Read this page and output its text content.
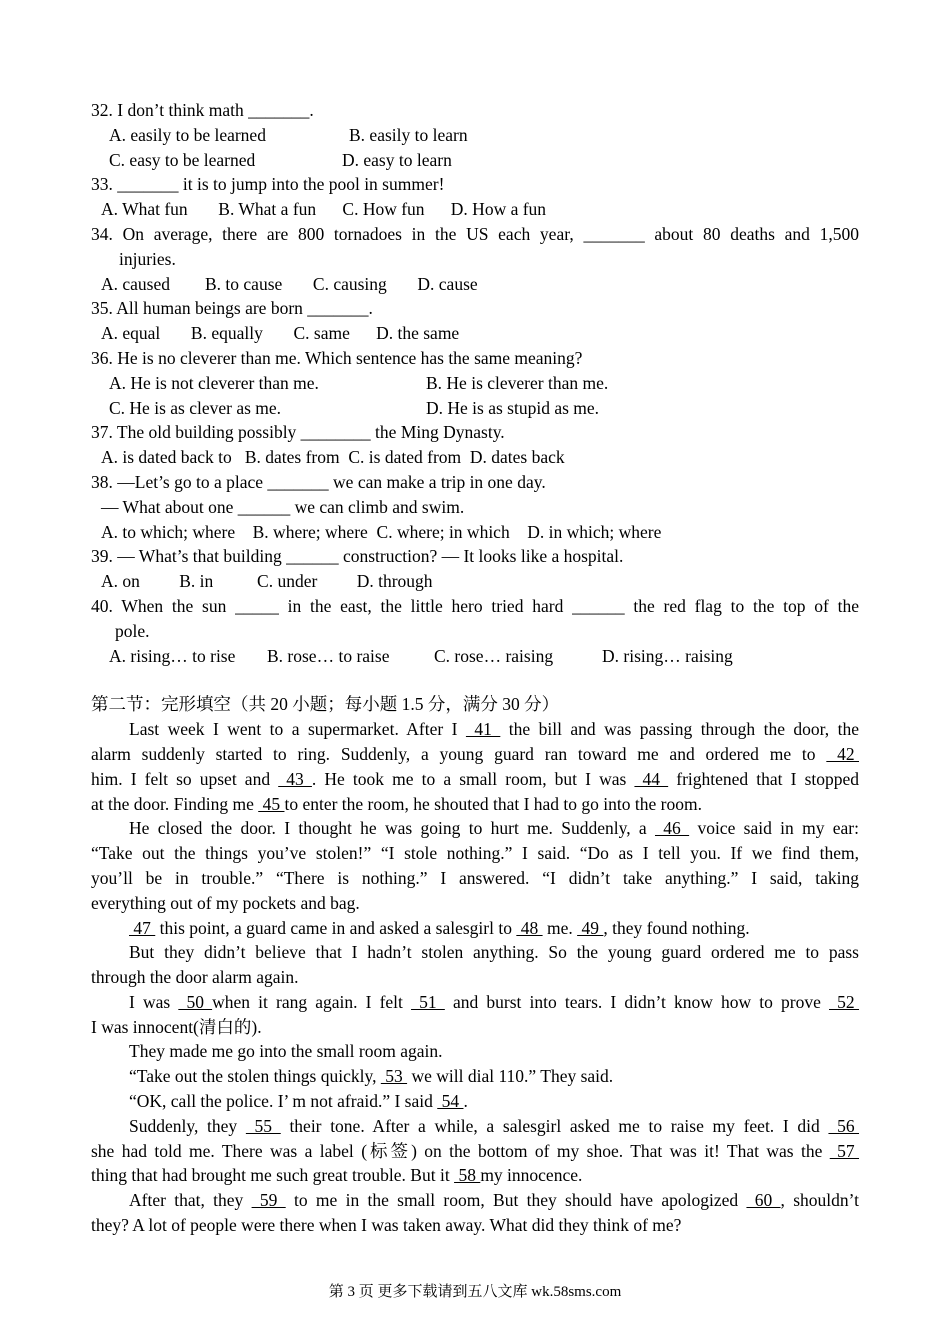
32. I don’t think math _______.
A. easily to be learned	B. easily to learn
C. easy to be learned	D. easy to learn
33. _______ it is to jump into the pool in summer!
A. What fun       B. What a fun      C. How fun      D. How a fun
34. On average, there are 800 tornadoes in the US each year, _______ about 80 deaths and 1,500
injuries.
A. caused        B. to cause       C. causing       D. cause
35. All human beings are born _______.
A. equal       B. equally       C. same      D. the same
36. He is no cleverer than me. Which sentence has the same meaning?
A. He is not cleverer than me.	B. He is cleverer than me.
C. He is as clever as me.	D. He is as stupid as me.
37. The old building possibly ________ the Ming Dynasty.
A. is dated back to   B. dates from  C. is dated from  D. dates back
38. —Let’s go to a place _______ we can make a trip in one day.
— What about one ______ we can climb and swim.
A. to which; where    B. where; where  C. where; in which    D. in which; where
39. — What’s that building ______ construction? — It looks like a hospital.
A. on         B. in          C. under         D. through
40. When the sun _____ in the east, the little hero tried hard ______ the red flag to the top of the
pole.
A. rising… to rise B. rose… to raise	C. rose… raising	D. rising… raising
第二节：完形填空（共 20 小题；每小题 1.5 分，满分 30 分）
Last week I went to a supermarket. After I  41  the bill and was passing through the door, the
alarm suddenly started to ring. Suddenly, a young guard ran toward me and ordered me to  42
him. I felt so upset and  43 . He took me to a small room, but I was  44  frightened that I stopped
at the door. Finding me  45 to enter the room, he shouted that I had to go into the room.
He closed the door. I thought he was going to hurt me. Suddenly, a  46  voice said in my ear:
“Take out the things you’ve stolen!” “I stole nothing.” I said. “Do as I tell you. If we find them,
you’ll be in trouble.” “There is nothing.” I answered. “I didn’t take anything.” I said, taking
everything out of my pockets and bag.
47  this point, a guard came in and asked a salesgirl to  48  me.  49 , they found nothing.
But they didn’t believe that I hadn’t stolen anything. So the young guard ordered me to pass
through the door alarm again.
I was  50 when it rang again. I felt  51  and burst into tears. I didn’t know how to prove  52
I was innocent(清白的).
They made me go into the small room again.
“Take out the stolen things quickly,  53  we will dial 110.” They said.
“OK, call the police. I’ m not afraid.” I said  54 .
Suddenly, they  55  their tone. After a while, a salesgirl asked me to raise my feet. I did  56
she had told me. There was a label (标签) on the bottom of my shoe. That was it! That was the  57
thing that had brought me such great trouble. But it  58 my innocence.
After that, they  59  to me in the small room, But they should have apologized  60 , shouldn’t
they? A lot of people were there when I was taken away. What did they think of me?
第 3 页 更多下载请到五八文库 wk.58sms.com
